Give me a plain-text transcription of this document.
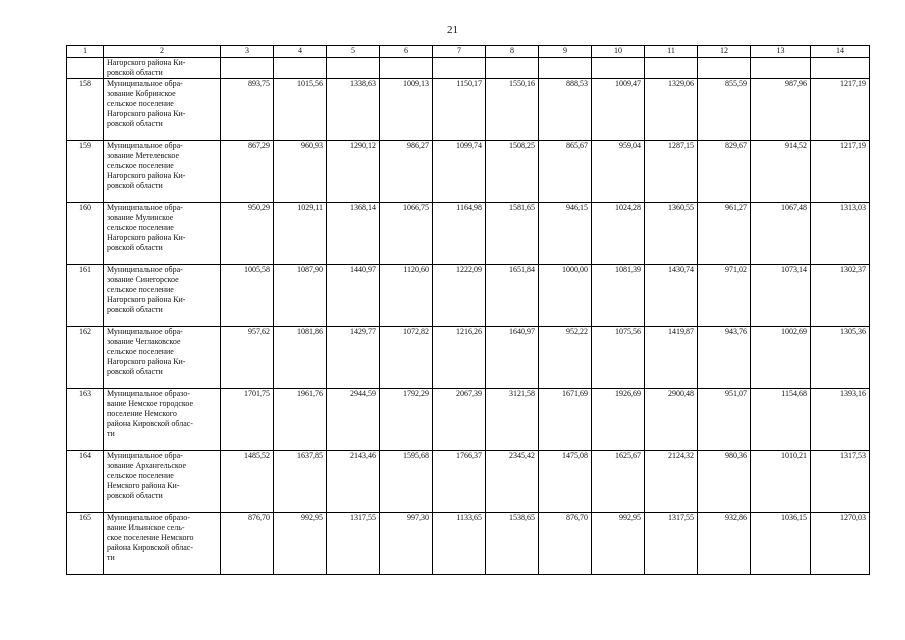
21
1	2	3	4	5	6	7	8	9	10	11	12	13	14
	Нагорского района Ки-
ровской области												
158	Муниципальное обра-
зование Кобринское
сельское поселение
Нагорского района Ки-
ровской области	893,75	1015,56	1338,63	1009,13	1150,17	1550,16	888,53	1009,47	1329,06	855,59	987,96	1217,19
159	Муниципальное обра-
зование Метелевское
сельское поселение
Нагорского района Ки-
ровской области	867,29	960,93	1290,12	986,27	1099,74	1508,25	865,67	959,04	1287,15	829,67	914,52	1217,19
160	Муниципальное обра-
зование Мулинское
сельское поселение
Нагорского района Ки-
ровской области	950,29	1029,11	1368,14	1066,75	1164,98	1581,65	946,15	1024,28	1360,55	961,27	1067,48	1313,03
161	Муниципальное обра-
зование Синегорское
сельское поселение
Нагорского района Ки-
ровской области	1005,58	1087,90	1440,97	1120,60	1222,09	1651,84	1000,00	1081,39	1430,74	971,02	1073,14	1302,37
162	Муниципальное обра-
зование Чеглаковское
сельское поселение
Нагорского района Ки-
ровской области	957,62	1081,86	1429,77	1072,82	1216,26	1640,97	952,22	1075,56	1419,87	943,76	1002,69	1305,36
163	Муниципальное образо-
вание Немское городское
поселение Немского
района Кировской облас-
ти	1701,75	1961,76	2944,59	1792,29	2067,39	3121,58	1671,69	1926,69	2900,48	951,07	1154,68	1393,16
164	Муниципальное обра-
зование Архангельское
сельское поселение
Немского района Ки-
ровской области	1485,52	1637,85	2143,46	1595,68	1766,37	2345,42	1475,08	1625,67	2124,32	980,36	1010,21	1317,53
165	Муниципальное образо-
вание Ильинское сель-
ское поселение Немского
района Кировской облас-
ти	876,70	992,95	1317,55	997,30	1133,65	1538,65	876,70	992,95	1317,55	932,86	1036,15	1270,03
